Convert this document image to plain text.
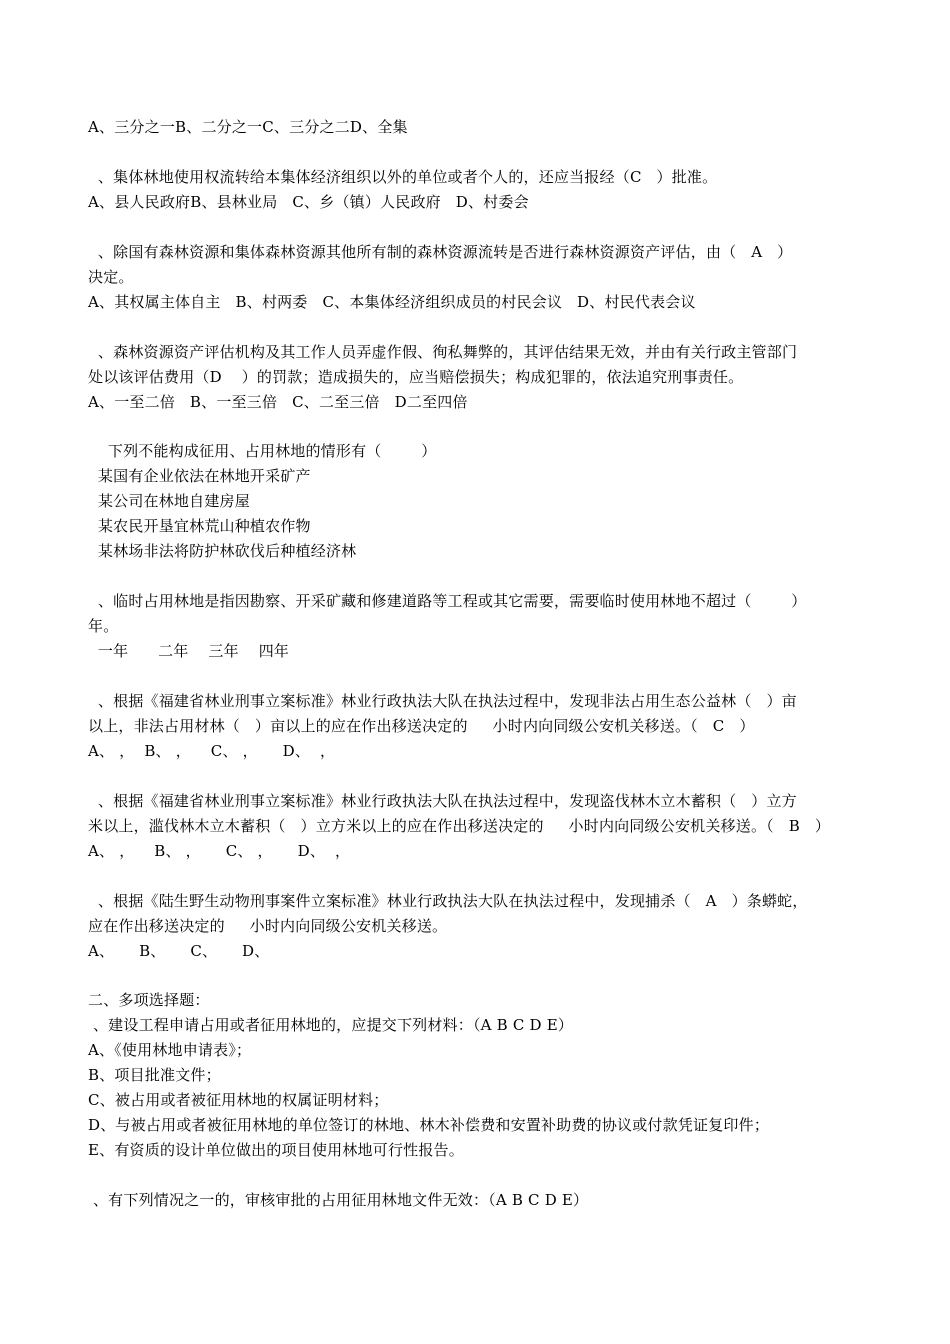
A、三分之一B、二分之一C、三分之二D、全集
、集体林地使用权流转给本集体经济组织以外的单位或者个人的，还应当报经（C   ）批准。
A、县人民政府B、县林业局   C、乡（镇）人民政府   D、村委会
、除国有森林资源和集体森林资源其他所有制的森林资源流转是否进行森林资源资产评估，由（   A   ）
决定。
A、其权属主体自主   B、村两委   C、本集体经济组织成员的村民会议   D、村民代表会议
、森林资源资产评估机构及其工作人员弄虚作假、徇私舞弊的，其评估结果无效，并由有关行政主管部门
处以该评估费用（D    ）的罚款；造成损失的，应当赔偿损失；构成犯罪的，依法追究刑事责任。
A、一至二倍   B、一至三倍   C、二至三倍   D二至四倍
下列不能构成征用、占用林地的情形有（        ）
某国有企业依法在林地开采矿产
某公司在林地自建房屋
某农民开垦宜林荒山种植农作物
某林场非法将防护林砍伐后种植经济林
、临时占用林地是指因勘察、开采矿藏和修建道路等工程或其它需要，需要临时使用林地不超过（        ）
年。
一年      二年    三年    四年
、根据《福建省林业刑事立案标准》林业行政执法大队在执法过程中，发现非法占用生态公益林（   ）亩
以上，非法占用材林（   ）亩以上的应在作出移送决定的     小时内向同级公安机关移送。（   C   ）
A、 ，  B、 ，    C、 ，     D、  ，
、根据《福建省林业刑事立案标准》林业行政执法大队在执法过程中，发现盗伐林木立木蓄积（   ）立方
米以上，滥伐林木立木蓄积（   ）立方米以上的应在作出移送决定的     小时内向同级公安机关移送。（   B   ）
A、 ，    B、 ，     C、 ，     D、  ，
、根据《陆生野生动物刑事案件立案标准》林业行政执法大队在执法过程中，发现捕杀（   A   ）条蟒蛇，
应在作出移送决定的     小时内向同级公安机关移送。
A、     B、     C、     D、
二、多项选择题：
、建设工程申请占用或者征用林地的，应提交下列材料：（A B C D E）
A、《使用林地申请表》；
B、项目批准文件；
C、被占用或者被征用林地的权属证明材料；
D、与被占用或者被征用林地的单位签订的林地、林木补偿费和安置补助费的协议或付款凭证复印件；
E、有资质的设计单位做出的项目使用林地可行性报告。
、有下列情况之一的，审核审批的占用征用林地文件无效：（A B C D E）
